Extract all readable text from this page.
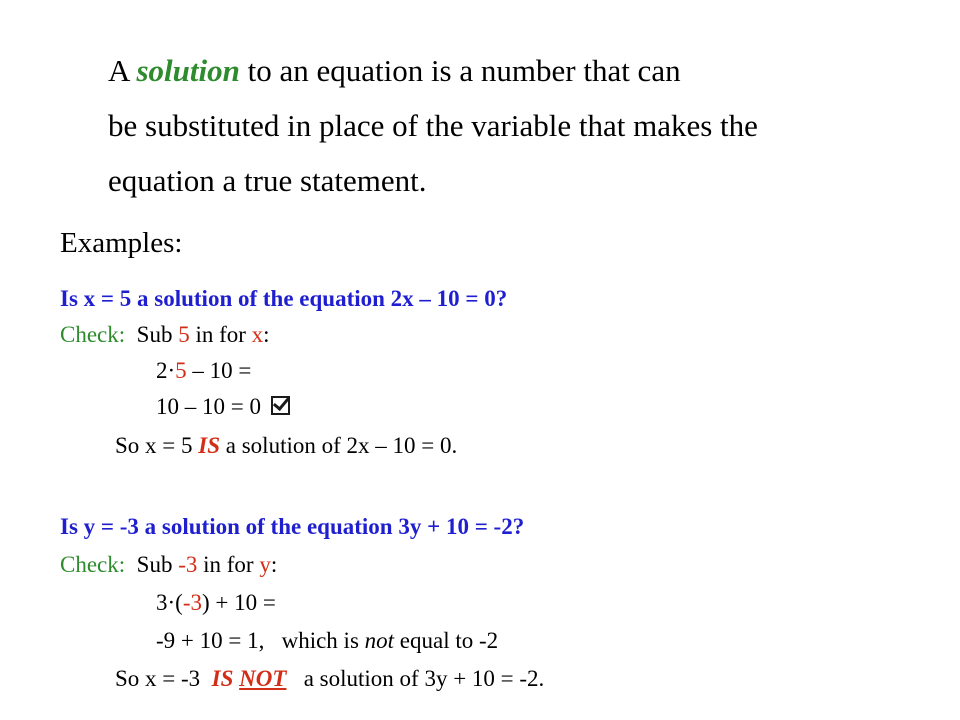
A solution to an equation is a number that can
be substituted in place of the variable that makes the
equation a true statement.
Examples:
Is x = 5 a solution of the equation 2x – 10 = 0?
Check:  Sub 5 in for x:
2·5 – 10 =
10 – 10 = 0
So x = 5 IS a solution of 2x – 10 = 0.
Is y = -3 a solution of the equation 3y + 10 = -2?
Check:  Sub -3 in for y:
3·(-3) + 10 =
-9 + 10 = 1,   which is not equal to -2
So x = -3  IS NOT   a solution of 3y + 10 = -2.
